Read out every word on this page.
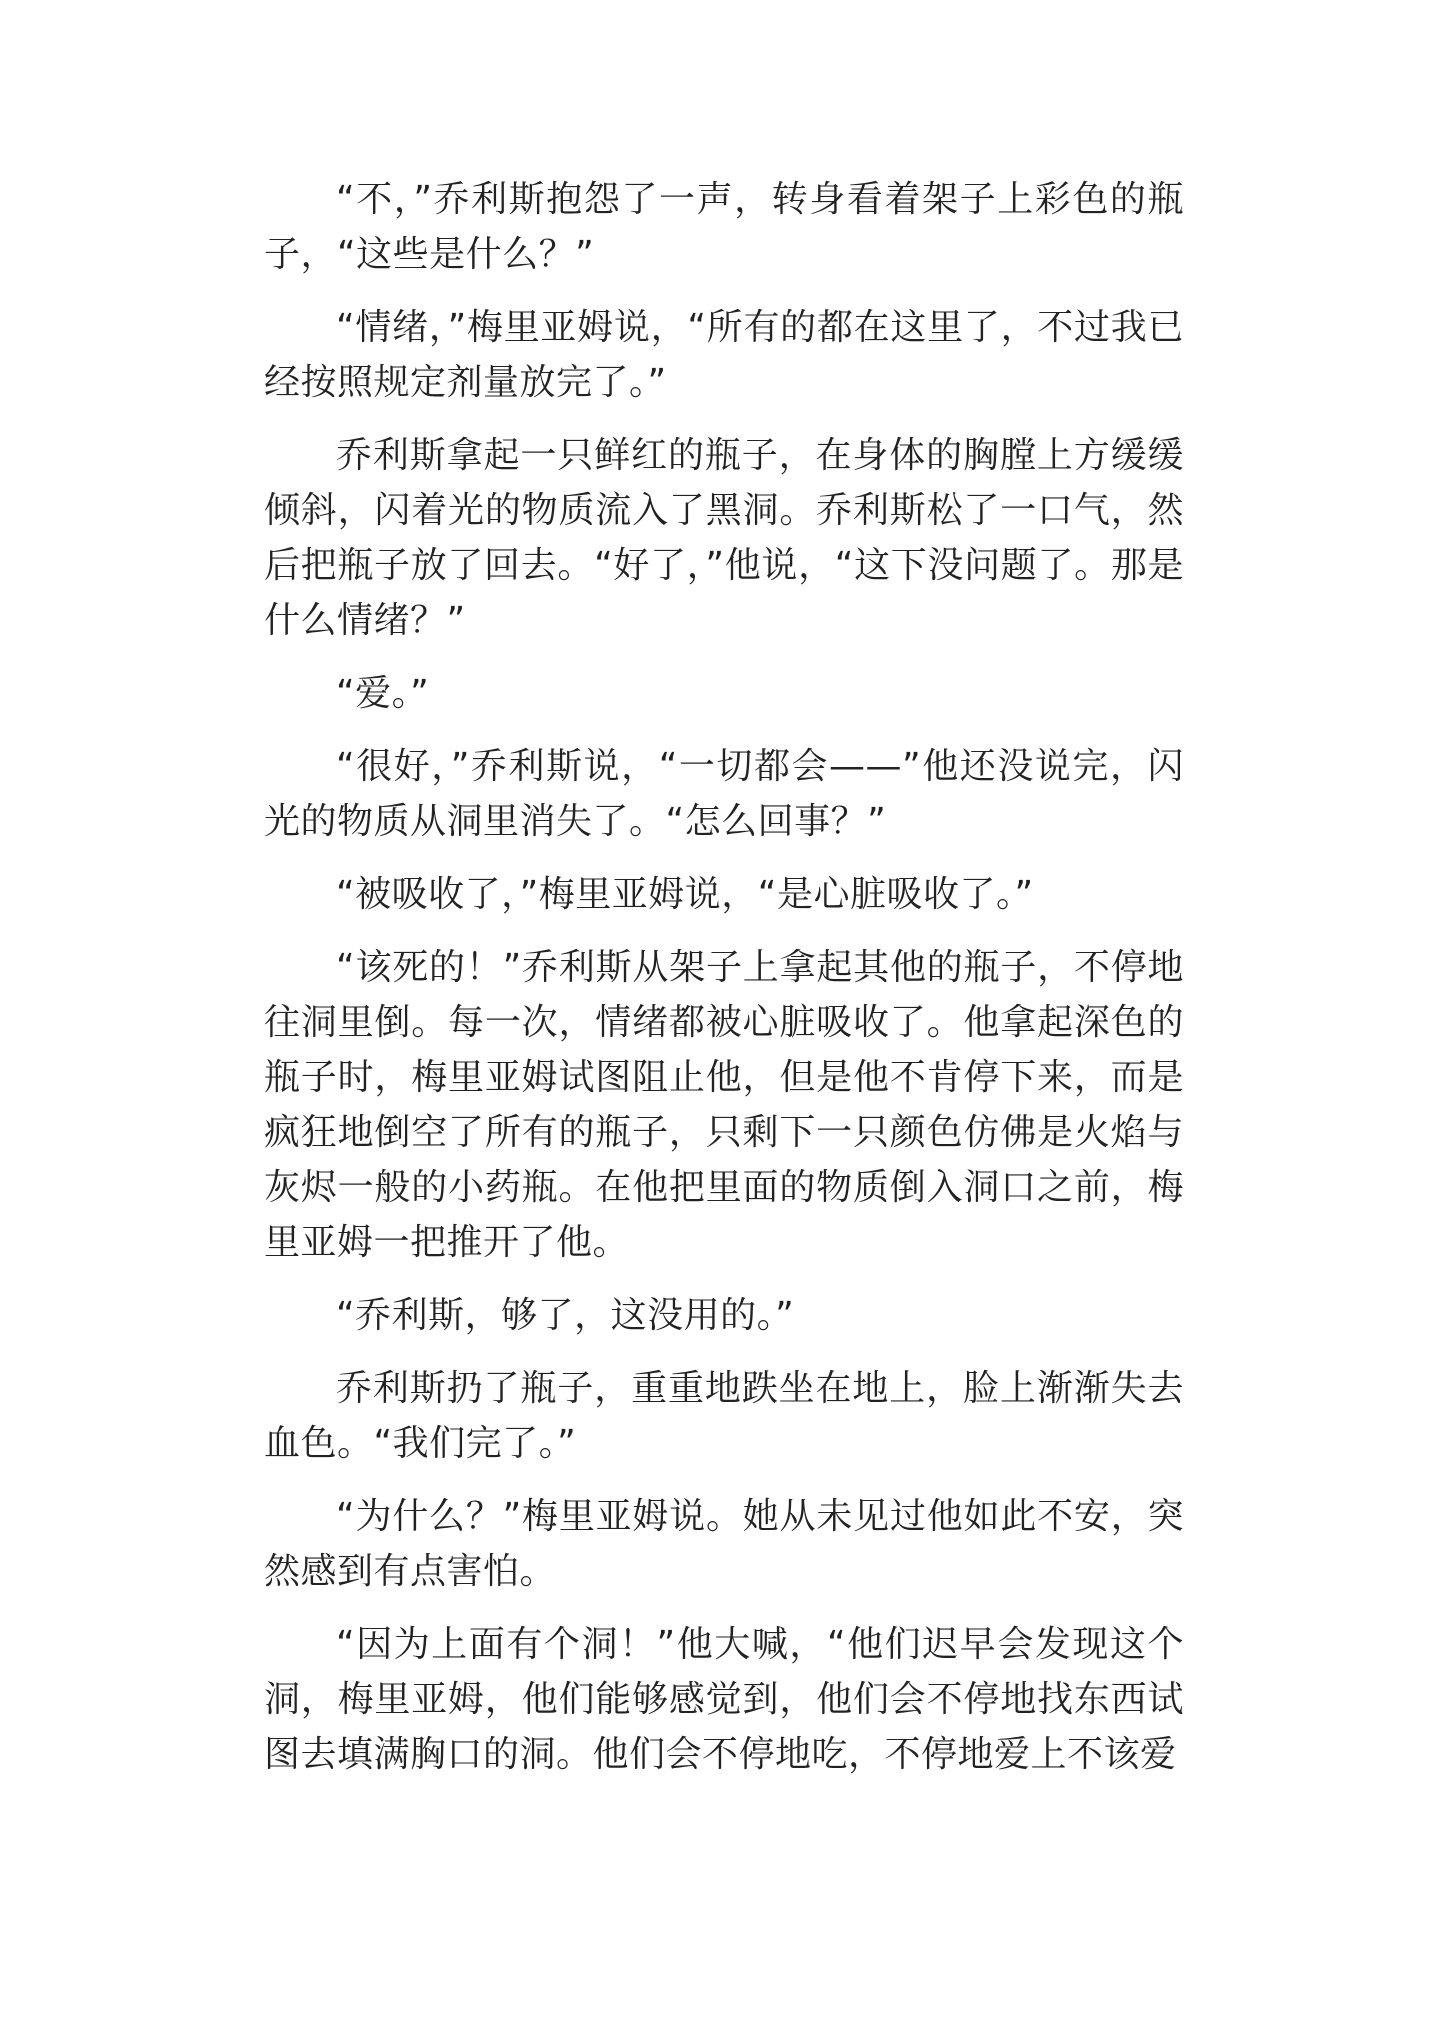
“不，”乔利斯抱怨了一声，转身看着架子上彩色的瓶子，“这些是什么？”

“情绪，”梅里亚姆说，“所有的都在这里了，不过我已经按照规定剂量放完了。”

乔利斯拿起一只鲜红的瓶子，在身体的胸膛上方缓缓倾斜，闪着光的物质流入了黑洞。乔利斯松了一口气，然后把瓶子放了回去。“好了，”他说，“这下没问题了。那是什么情绪？”

“爱。”

“很好，”乔利斯说，“一切都会——”他还没说完，闪光的物质从洞里消失了。“怎么回事？”

“被吸收了，”梅里亚姆说，“是心脏吸收了。”

“该死的！”乔利斯从架子上拿起其他的瓶子，不停地往洞里倒。每一次，情绪都被心脏吸收了。他拿起深色的瓶子时，梅里亚姆试图阻止他，但是他不肯停下来，而是疯狂地倒空了所有的瓶子，只剩下一只颜色仿佛是火焰与灰烬一般的小药瓶。在他把里面的物质倒入洞口之前，梅里亚姆一把推开了他。

“乔利斯，够了，这没用的。”

乔利斯扔了瓶子，重重地跌坐在地上，脸上渐渐失去血色。“我们完了。”

“为什么？”梅里亚姆说。她从未见过他如此不安，突然感到有点害怕。

“因为上面有个洞！”他大喊，“他们迟早会发现这个洞，梅里亚姆，他们能够感觉到，他们会不停地找东西试图去填满胸口的洞。他们会不停地吃，不停地爱上不该爱
